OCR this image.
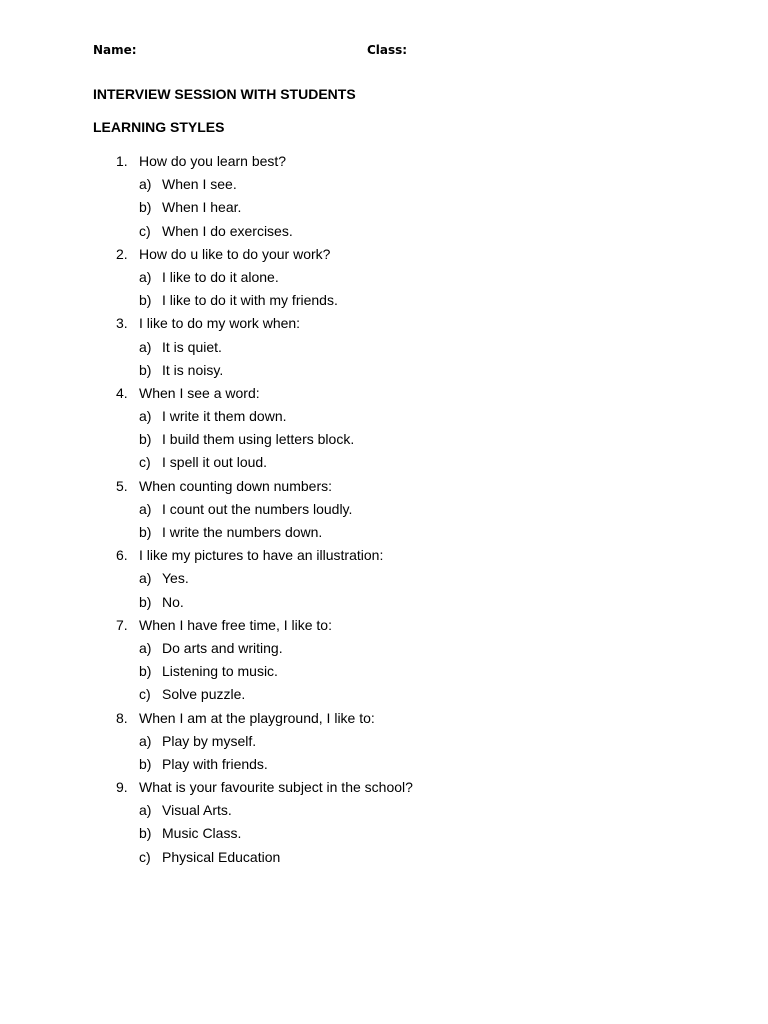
Name:	Class:
INTERVIEW SESSION WITH STUDENTS
LEARNING STYLES
1. How do you learn best?
a) When I see.
b) When I hear.
c) When I do exercises.
2. How do u like to do your work?
a) I like to do it alone.
b) I like to do it with my friends.
3. I like to do my work when:
a) It is quiet.
b) It is noisy.
4. When I see a word:
a) I write it them down.
b) I build them using letters block.
c) I spell it out loud.
5. When counting down numbers:
a) I count out the numbers loudly.
b) I write the numbers down.
6. I like my pictures to have an illustration:
a) Yes.
b) No.
7. When I have free time, I like to:
a) Do arts and writing.
b) Listening to music.
c) Solve puzzle.
8. When I am at the playground, I like to:
a) Play by myself.
b) Play with friends.
9. What is your favourite subject in the school?
a) Visual Arts.
b) Music Class.
c) Physical Education
